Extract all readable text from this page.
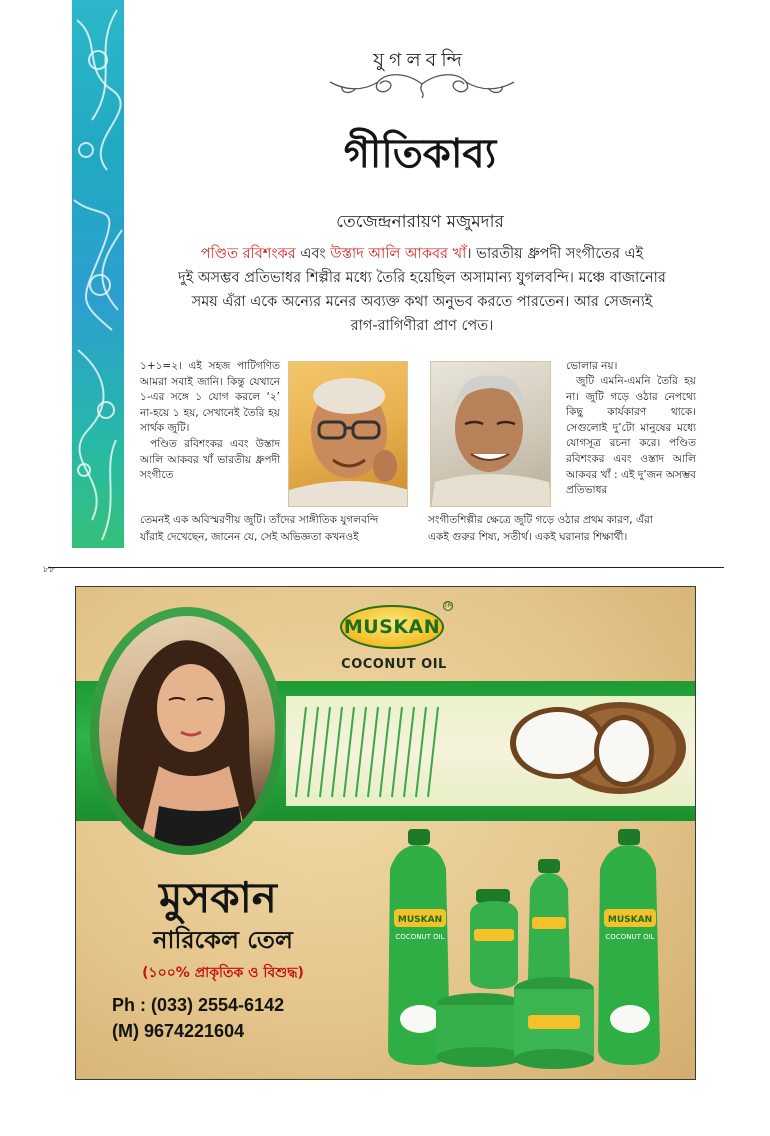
যুগলবন্দি
গীতিকাব্য
তেজেন্দ্রনারায়ণ মজুমদার
পণ্ডিত রবিশংকর এবং উস্তাদ আলি আকবর খাঁ। ভারতীয় ধ্রুপদী সংগীতের এই
দুই অসম্ভব প্রতিভাধর শিল্পীর মধ্যে তৈরি হয়েছিল অসামান্য যুগলবন্দি। মঞ্চে বাজানোর
সময় এঁরা একে অন্যের মনের অব্যক্ত কথা অনুভব করতে পারতেন। আর সেজন্যই
রাগ-রাগিণীরা প্রাণ পেত।

১+১=২। এই সহজ পাটিগণিত আমরা সবাই জানি। কিন্তু যেখানে ১-এর সঙ্গে ১ যোগ করলে ‘২’ না-হয়ে ১ হয়, সেখানেই তৈরি হয় সার্থক জুটি।

পণ্ডিত রবিশংকর এবং উস্তাদ আলি আকবর খাঁ ভারতীয় ধ্রুপদী সংগীতে

জুটি এমনি-এমনি তৈরি হয় না। জুটি গড়ে ওঠার নেপথ্যে কিছু কার্যকারণ থাকে। সেগুলোই দু’টো মানুষের মধ্যে যোগসূত্র রচনা করে। পণ্ডিত রবিশংকর এবং ওস্তাদ আলি আকবর খাঁ : এই দু’জন অসম্ভব প্রতিভাধর

ভোলার নয়।

তেমনই এক অবিস্মরণীয় জুটি। তাঁদের সাঙ্গীতিক যুগলবন্দি	সংগীতশিল্পীর ক্ষেত্রে জুটি গড়ে ওঠার প্রথম কারণ, এঁরা
যাঁরাই দেখেছেন, জানেন যে, সেই অভিজ্ঞতা কখনওই	একই গুরুর শিষ্য, সতীর্থ। একই ঘরানার শিক্ষার্থী।
৮৮
MUSKAN
TM
COCONUT OIL
মুসকান
নারিকেল তেল
(১০০% প্রাকৃতিক ও বিশুদ্ধ)
Ph : (033) 2554-6142
(M) 9674221604
MUSKAN
COCONUT OIL
MUSKAN
COCONUT OIL
